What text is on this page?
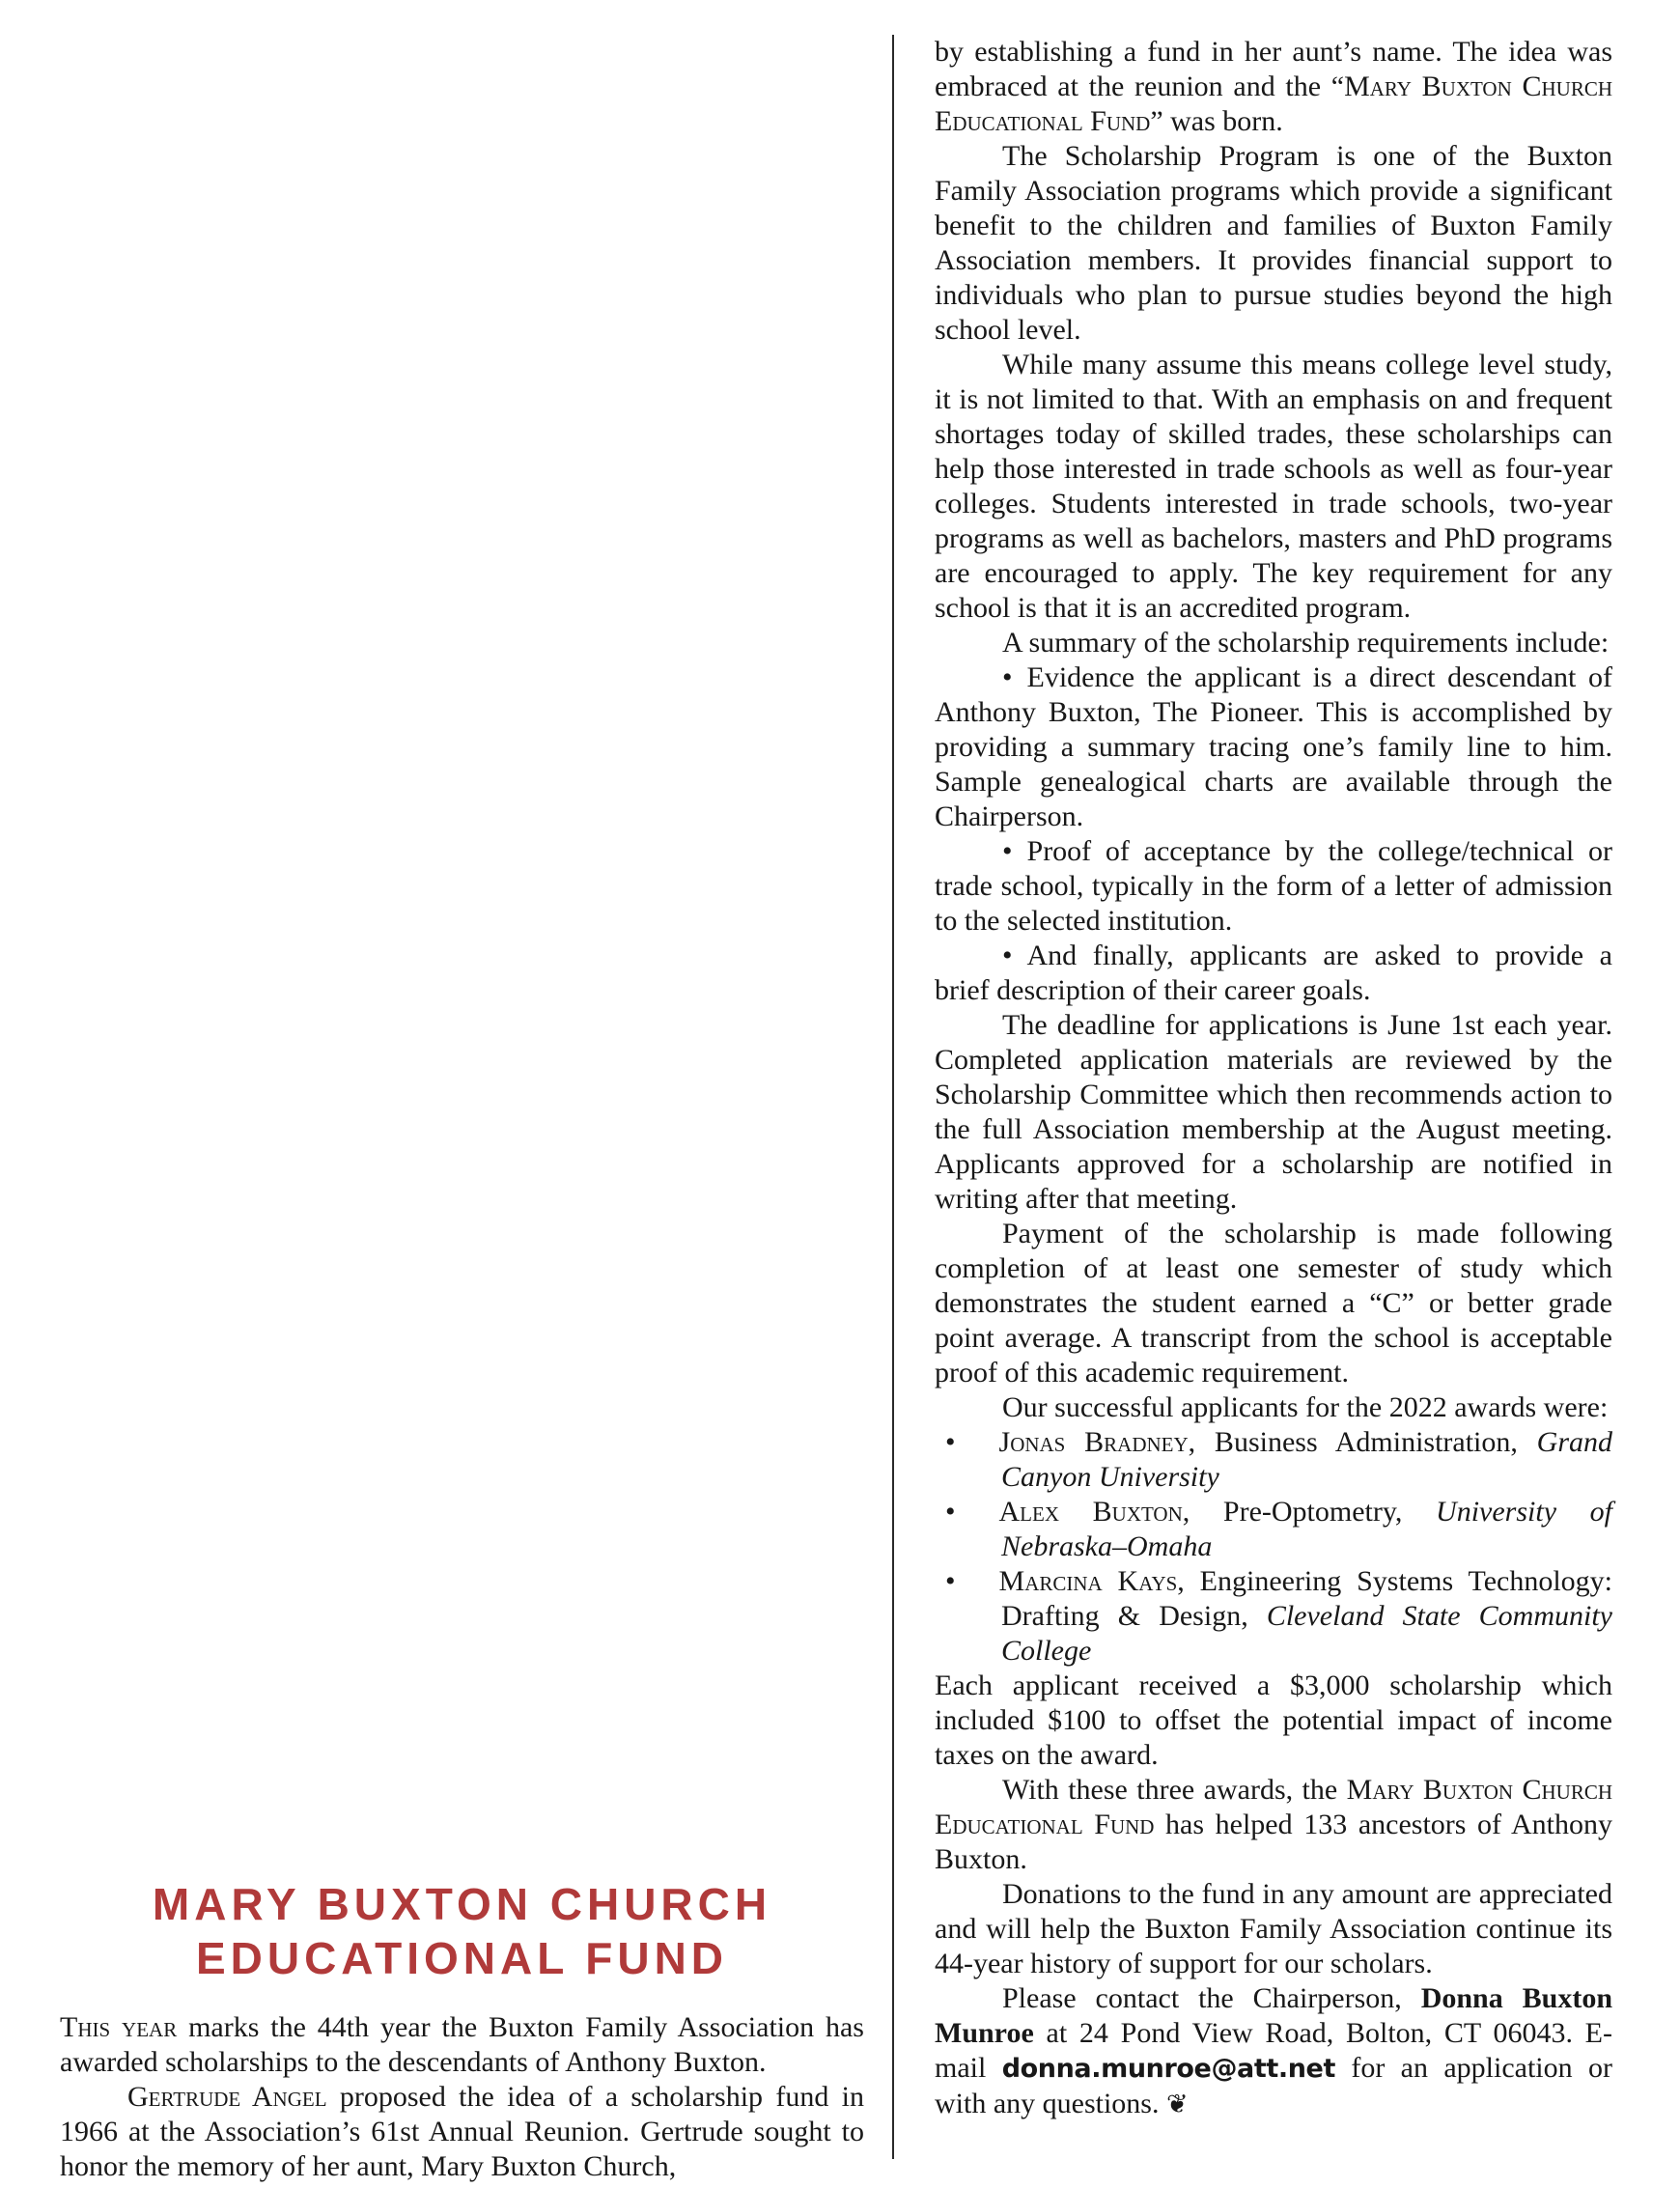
MARY BUXTON CHURCH
EDUCATIONAL FUND

This year marks the 44th year the Buxton Family Association has awarded scholarships to the descendants of Anthony Buxton.

Gertrude Angel proposed the idea of a scholarship fund in 1966 at the Association’s 61st Annual Reunion. Gertrude sought to honor the memory of her aunt, Mary Buxton Church,

by establishing a fund in her aunt’s name. The idea was embraced at the reunion and the “Mary Buxton Church Educational Fund” was born.

The Scholarship Program is one of the Buxton Family Association programs which provide a significant benefit to the children and families of Buxton Family Association members. It provides financial support to individuals who plan to pursue studies beyond the high school level.

While many assume this means college level study, it is not limited to that. With an emphasis on and frequent shortages today of skilled trades, these scholarships can help those interested in trade schools as well as four-year colleges. Students interested in trade schools, two-year programs as well as bachelors, masters and PhD programs are encouraged to apply. The key requirement for any school is that it is an accredited program.

A summary of the scholarship requirements include:

• Evidence the applicant is a direct descendant of Anthony Buxton, The Pioneer. This is accomplished by providing a summary tracing one’s family line to him. Sample genealogical charts are available through the Chairperson.

• Proof of acceptance by the college/technical or trade school, typically in the form of a letter of admission to the selected institution.

• And finally, applicants are asked to provide a brief description of their career goals.

The deadline for applications is June 1st each year. Completed application materials are reviewed by the Scholarship Committee which then recommends action to the full Association membership at the August meeting. Applicants approved for a scholarship are notified in writing after that meeting.

Payment of the scholarship is made following completion of at least one semester of study which demonstrates the student earned a “C” or better grade point average. A transcript from the school is acceptable proof of this academic requirement.

Our successful applicants for the 2022 awards were:

•  Jonas Bradney, Business Administration, Grand Canyon University

•  Alex Buxton, Pre-Optometry, University of Nebraska–Omaha

•  Marcina Kays, Engineering Systems Technology: Drafting & Design, Cleveland State Community College

Each applicant received a $3,000 scholarship which included $100 to offset the potential impact of income taxes on the award.

With these three awards, the Mary Buxton Church Educational Fund has helped 133 ancestors of Anthony Buxton.

Donations to the fund in any amount are appreciated and will help the Buxton Family Association continue its 44-year history of support for our scholars.

Please contact the Chairperson, Donna Buxton Munroe at 24 Pond View Road, Bolton, CT 06043. E-mail donna.munroe@att.net for an application or with any questions. ❦
